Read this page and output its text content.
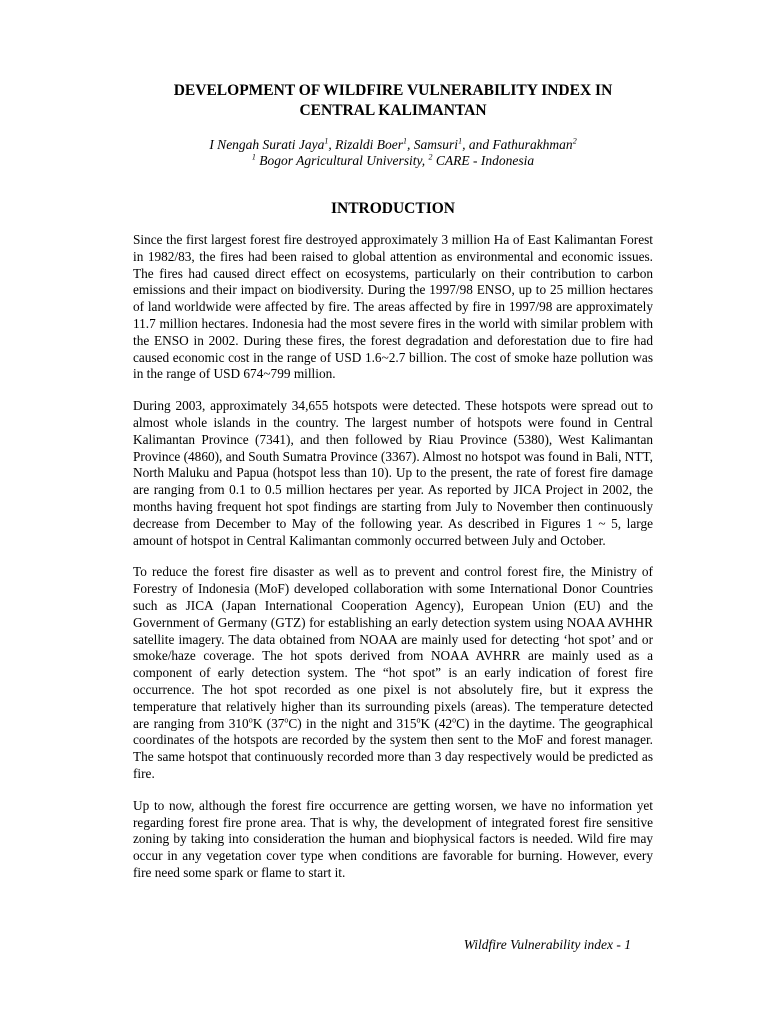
DEVELOPMENT OF WILDFIRE VULNERABILITY INDEX IN
CENTRAL KALIMANTAN
I Nengah Surati Jaya$^1$, Rizaldi Boer$^1$, Samsuri$^1$, and Fathurakhman$^2$
$^1$ Bogor Agricultural University, $^2$ CARE - Indonesia
INTRODUCTION

Since the first largest forest fire destroyed approximately 3 million Ha of East Kalimantan Forest in 1982/83, the fires had been raised to global attention as environmental and economic issues. The fires had caused direct effect on ecosystems, particularly on their contribution to carbon emissions and their impact on biodiversity. During the 1997/98 ENSO, up to 25 million hectares of land worldwide were affected by fire. The areas affected by fire in 1997/98 are approximately 11.7 million hectares. Indonesia had the most severe fires in the world with similar problem with the ENSO in 2002. During these fires, the forest degradation and deforestation due to fire had caused economic cost in the range of USD 1.6~2.7 billion. The cost of smoke haze pollution was in the range of USD 674~799 million.

During 2003, approximately 34,655 hotspots were detected. These hotspots were spread out to almost whole islands in the country. The largest number of hotspots were found in Central Kalimantan Province (7341), and then followed by Riau Province (5380), West Kalimantan Province (4860), and South Sumatra Province (3367). Almost no hotspot was found in Bali, NTT, North Maluku and Papua (hotspot less than 10). Up to the present, the rate of forest fire damage are ranging from 0.1 to 0.5 million hectares per year. As reported by JICA Project in 2002, the months having frequent hot spot findings are starting from July to November then continuously decrease from December to May of the following year. As described in Figures 1 ~ 5, large amount of hotspot in Central Kalimantan commonly occurred between July and October.

To reduce the forest fire disaster as well as to prevent and control forest fire, the Ministry of Forestry of Indonesia (MoF) developed collaboration with some International Donor Countries such as JICA (Japan International Cooperation Agency), European Union (EU) and the Government of Germany (GTZ) for establishing an early detection system using NOAA AVHHR satellite imagery. The data obtained from NOAA are mainly used for detecting ‘hot spot’ and or smoke/haze coverage. The hot spots derived from NOAA AVHRR are mainly used as a component of early detection system. The “hot spot” is an early indication of forest fire occurrence. The hot spot recorded as one pixel is not absolutely fire, but it express the temperature that relatively higher than its surrounding pixels (areas). The temperature detected are ranging from 310$^o$K (37$^o$C) in the night and 315$^o$K (42$^o$C) in the daytime. The geographical coordinates of the hotspots are recorded by the system then sent to the MoF and forest manager. The same hotspot that continuously recorded more than 3 day respectively would be predicted as fire.

Up to now, although the forest fire occurrence are getting worsen, we have no information yet regarding forest fire prone area. That is why, the development of integrated forest fire sensitive zoning by taking into consideration the human and biophysical factors is needed. Wild fire may occur in any vegetation cover type when conditions are favorable for burning. However, every fire need some spark or flame to start it.

Wildfire Vulnerability index - 1
